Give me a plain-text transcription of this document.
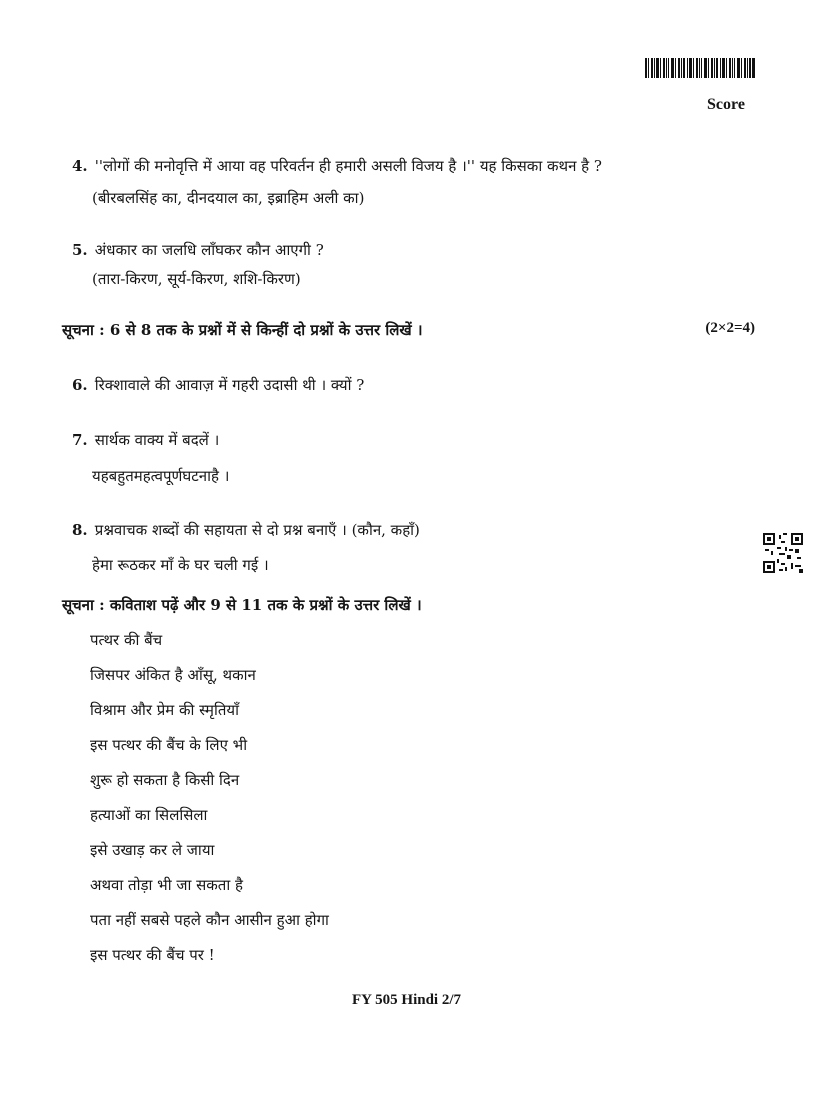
Score
4. ''लोगों की मनोवृत्ति में आया वह परिवर्तन ही हमारी असली विजय है ।'' यह किसका कथन है ?
(बीरबलसिंह का, दीनदयाल का, इब्राहिम अली का)
5. अंधकार का जलधि लाँघकर कौन आएगी ?
(तारा-किरण, सूर्य-किरण, शशि-किरण)
सूचना : 6 से 8 तक के प्रश्नों में से किन्हीं दो प्रश्नों के उत्तर लिखें ।	(2×2=4)
6. रिक्शावाले की आवाज़ में गहरी उदासी थी । क्यों ?
7. सार्थक वाक्य में बदलें ।
यहबहुतमहत्वपूर्णघटनाहै ।
8. प्रश्नवाचक शब्दों की सहायता से दो प्रश्न बनाएँ । (कौन, कहाँ)
हेमा रूठकर माँ के घर चली गई ।
सूचना : कविताश पढ़ें और 9 से 11 तक के प्रश्नों के उत्तर लिखें ।
पत्थर की बैंच
जिसपर अंकित है आँसू, थकान
विश्राम और प्रेम की स्मृतियाँ
इस पत्थर की बैंच के लिए भी
शुरू हो सकता है किसी दिन
हत्याओं का सिलसिला
इसे उखाड़ कर ले जाया
अथवा तोड़ा भी जा सकता है
पता नहीं सबसे पहले कौन आसीन हुआ होगा
इस पत्थर की बैंच पर !
FY 505 Hindi 2/7
